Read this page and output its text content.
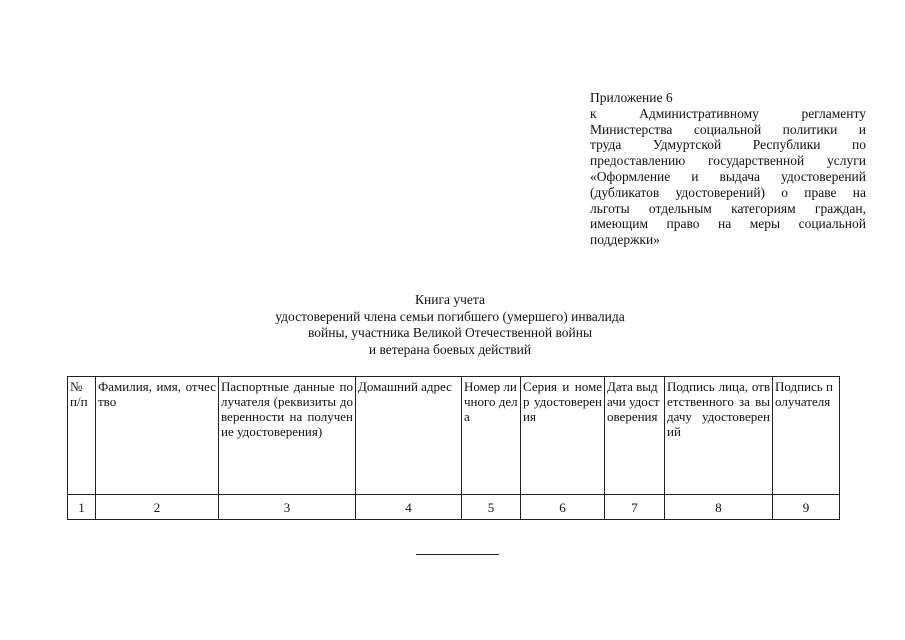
Приложение 6
к Административному регламенту
Министерства социальной политики и
труда Удмуртской Республики по
предоставлению государственной услуги
«Оформление и выдача удостоверений
(дубликатов удостоверений) о праве на
льготы отдельным категориям граждан,
имеющим право на меры социальной
поддержки»
Книга учета
удостоверений члена семьи погибшего (умершего) инвалида
войны, участника Великой Отечественной войны
и ветерана боевых действий
№ п/п	Фамилия, имя, отчество	Паспортные данные получателя (реквизиты доверенности на получение удостоверения)	Домашний адрес	Номер личного дела	Серия и номер удостоверения	Дата выдачи удостоверения	Подпись лица, ответственного за выдачу удостоверений	Подпись получателя
1	2	3	4	5	6	7	8	9
